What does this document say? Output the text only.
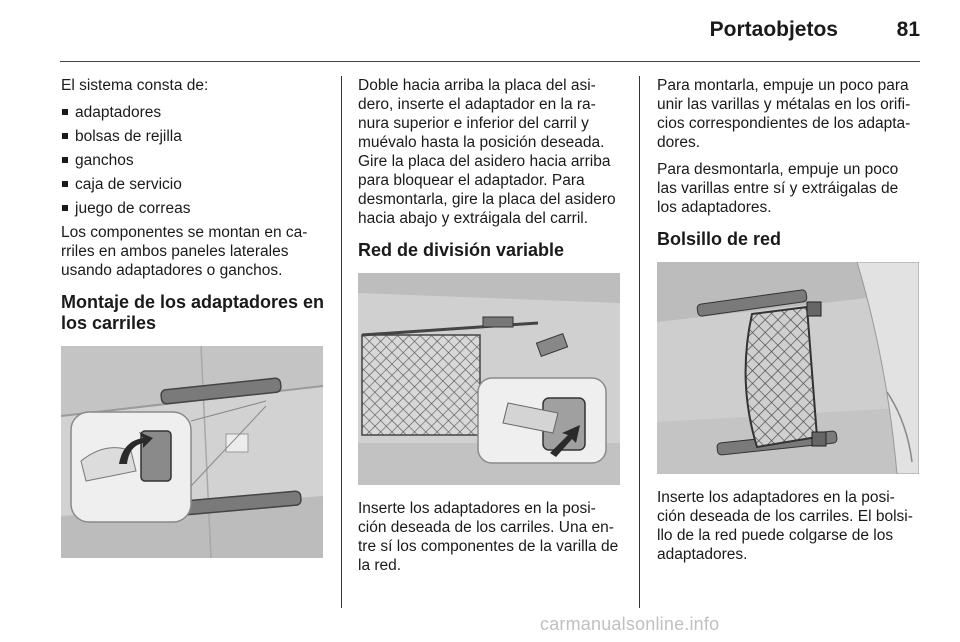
Portaobjetos	81

El sistema consta de:

adaptadores
bolsas de rejilla
ganchos
caja de servicio
juego de correas

Los componentes se montan en ca-rriles en ambos paneles laterales usando adaptadores o ganchos.

Montaje de los adaptadores en los carriles

Doble hacia arriba la placa del asi-dero, inserte el adaptador en la ra-nura superior e inferior del carril y muévalo hasta la posición deseada. Gire la placa del asidero hacia arriba para bloquear el adaptador. Para desmontarla, gire la placa del asidero hacia abajo y extráigala del carril.

Red de división variable

Inserte los adaptadores en la posi-ción deseada de los carriles. Una en-tre sí los componentes de la varilla de la red.

Para montarla, empuje un poco para unir las varillas y métalas en los orifi-cios correspondientes de los adapta-dores.

Para desmontarla, empuje un poco las varillas entre sí y extráigalas de los adaptadores.

Bolsillo de red

Inserte los adaptadores en la posi-ción deseada de los carriles. El bolsi-llo de la red puede colgarse de los adaptadores.

carmanualsonline.info
